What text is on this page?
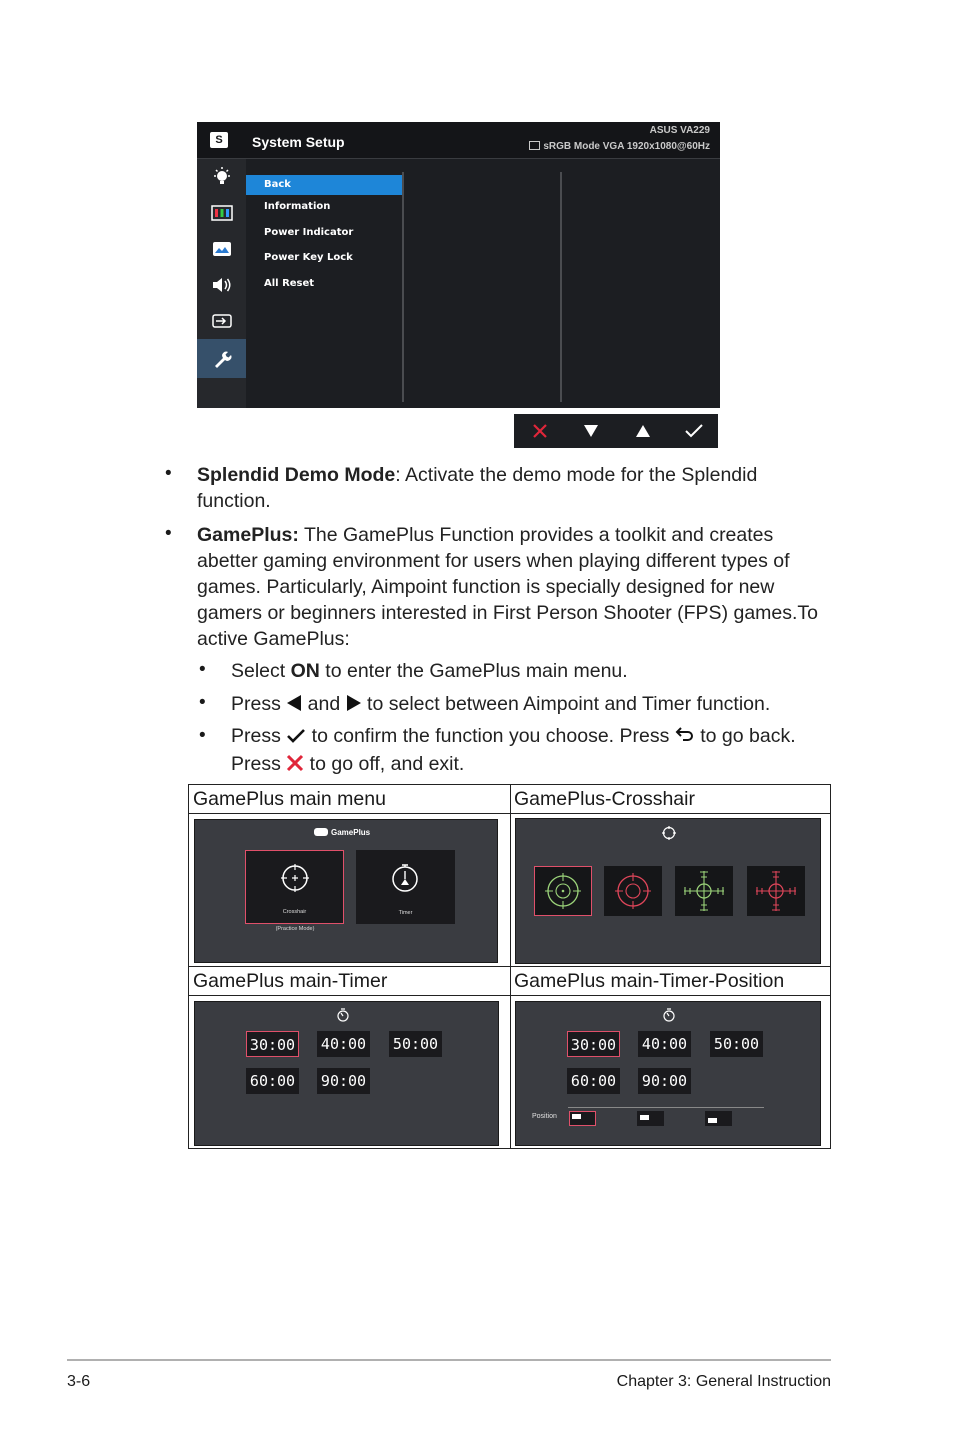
System Setup
ASUS VA229
sRGB Mode VGA 1920x1080@60Hz
S
Back
Information
Power Indicator
Power Key Lock
All Reset
• Splendid Demo Mode: Activate the demo mode for the Splendid function.
• GamePlus: The GamePlus Function provides a toolkit and creates abetter gaming environment for users when playing different types of games. Particularly, Aimpoint function is specially designed for new gamers or beginners interested in First Person Shooter (FPS) games.To active GamePlus:
• Select ON to enter the GamePlus main menu.
• Press  and  to select between Aimpoint and Timer function.
• Press  to confirm the function you choose. Press  to go back.
Press  to go off, and exit.
GamePlus main menu	GamePlus-Crosshair
GamePlus main-Timer	GamePlus main-Timer-Position
GamePlus
Crosshair
(Practice Mode)
Timer
30:00 40:00 50:00
60:00 90:00
30:00 40:00 50:00
60:00 90:00
Position
3-6	Chapter 3: General Instruction
